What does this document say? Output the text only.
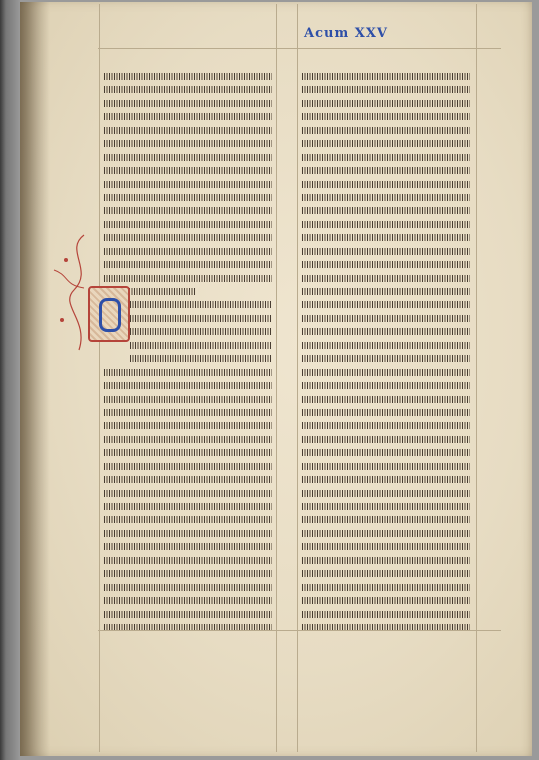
Acum XXV
